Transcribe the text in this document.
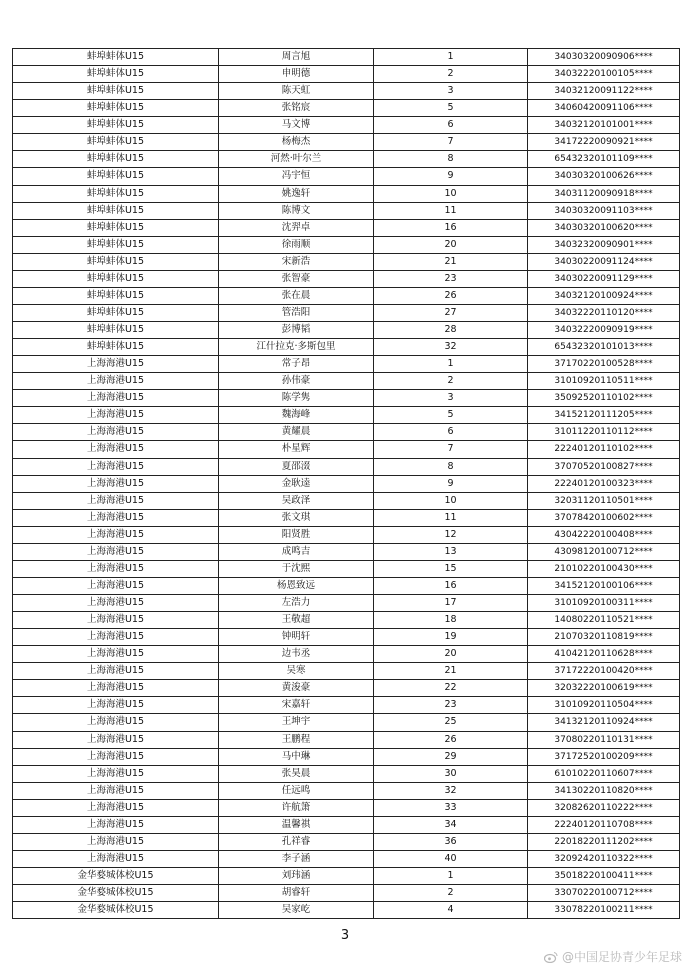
蚌埠蚌体U15	周言旭	1	34030320090906****
蚌埠蚌体U15	申明德	2	34032220100105****
蚌埠蚌体U15	陈天虹	3	34032120091122****
蚌埠蚌体U15	张铭宸	5	34060420091106****
蚌埠蚌体U15	马文博	6	34032120101001****
蚌埠蚌体U15	杨梅杰	7	34172220090921****
蚌埠蚌体U15	河然·叶尔兰	8	65432320101109****
蚌埠蚌体U15	冯宇恒	9	34030320100626****
蚌埠蚌体U15	姚逸轩	10	34031120090918****
蚌埠蚌体U15	陈博文	11	34030320091103****
蚌埠蚌体U15	沈羿卓	16	34030320100620****
蚌埠蚌体U15	徐雨顺	20	34032320090901****
蚌埠蚌体U15	宋新浩	21	34030220091124****
蚌埠蚌体U15	张智豪	23	34030220091129****
蚌埠蚌体U15	张在晨	26	34032120100924****
蚌埠蚌体U15	管浩阳	27	34032220110120****
蚌埠蚌体U15	彭博韬	28	34032220090919****
蚌埠蚌体U15	江什拉克·多斯包里	32	65432320101013****
上海海港U15	常子昂	1	37170220100528****
上海海港U15	孙伟豪	2	31010920110511****
上海海港U15	陈学隽	3	35092520110102****
上海海港U15	魏海峰	5	34152120111205****
上海海港U15	黄耀晨	6	31011220110112****
上海海港U15	朴星辉	7	22240120110102****
上海海港U15	夏邵涰	8	37070520100827****
上海海港U15	金耿逵	9	22240120100323****
上海海港U15	吴政泽	10	32031120110501****
上海海港U15	张文琪	11	37078420100602****
上海海港U15	阳贤胜	12	43042220100408****
上海海港U15	成鸣吉	13	43098120100712****
上海海港U15	于沈熙	15	21010220100430****
上海海港U15	杨恩致远	16	34152120100106****
上海海港U15	左浩力	17	31010920100311****
上海海港U15	王敬超	18	14080220110521****
上海海港U15	钟明轩	19	21070320110819****
上海海港U15	边韦丞	20	41042120110628****
上海海港U15	吴寒	21	37172220100420****
上海海港U15	黄浚豪	22	32032220100619****
上海海港U15	宋嘉轩	23	31010920110504****
上海海港U15	王坤宇	25	34132120110924****
上海海港U15	王鹏程	26	37080220110131****
上海海港U15	马中琳	29	37172520100209****
上海海港U15	张昊晨	30	61010220110607****
上海海港U15	任远鸣	32	34130220110820****
上海海港U15	许航箫	33	32082620110222****
上海海港U15	温馨祺	34	22240120110708****
上海海港U15	孔祥睿	36	22018220111202****
上海海港U15	李子涵	40	32092420110322****
金华婺城体校U15	刘玮涵	1	35018220100411****
金华婺城体校U15	胡睿轩	2	33070220100712****
金华婺城体校U15	吴家屹	4	33078220100211****
3
@中国足协青少年足球
